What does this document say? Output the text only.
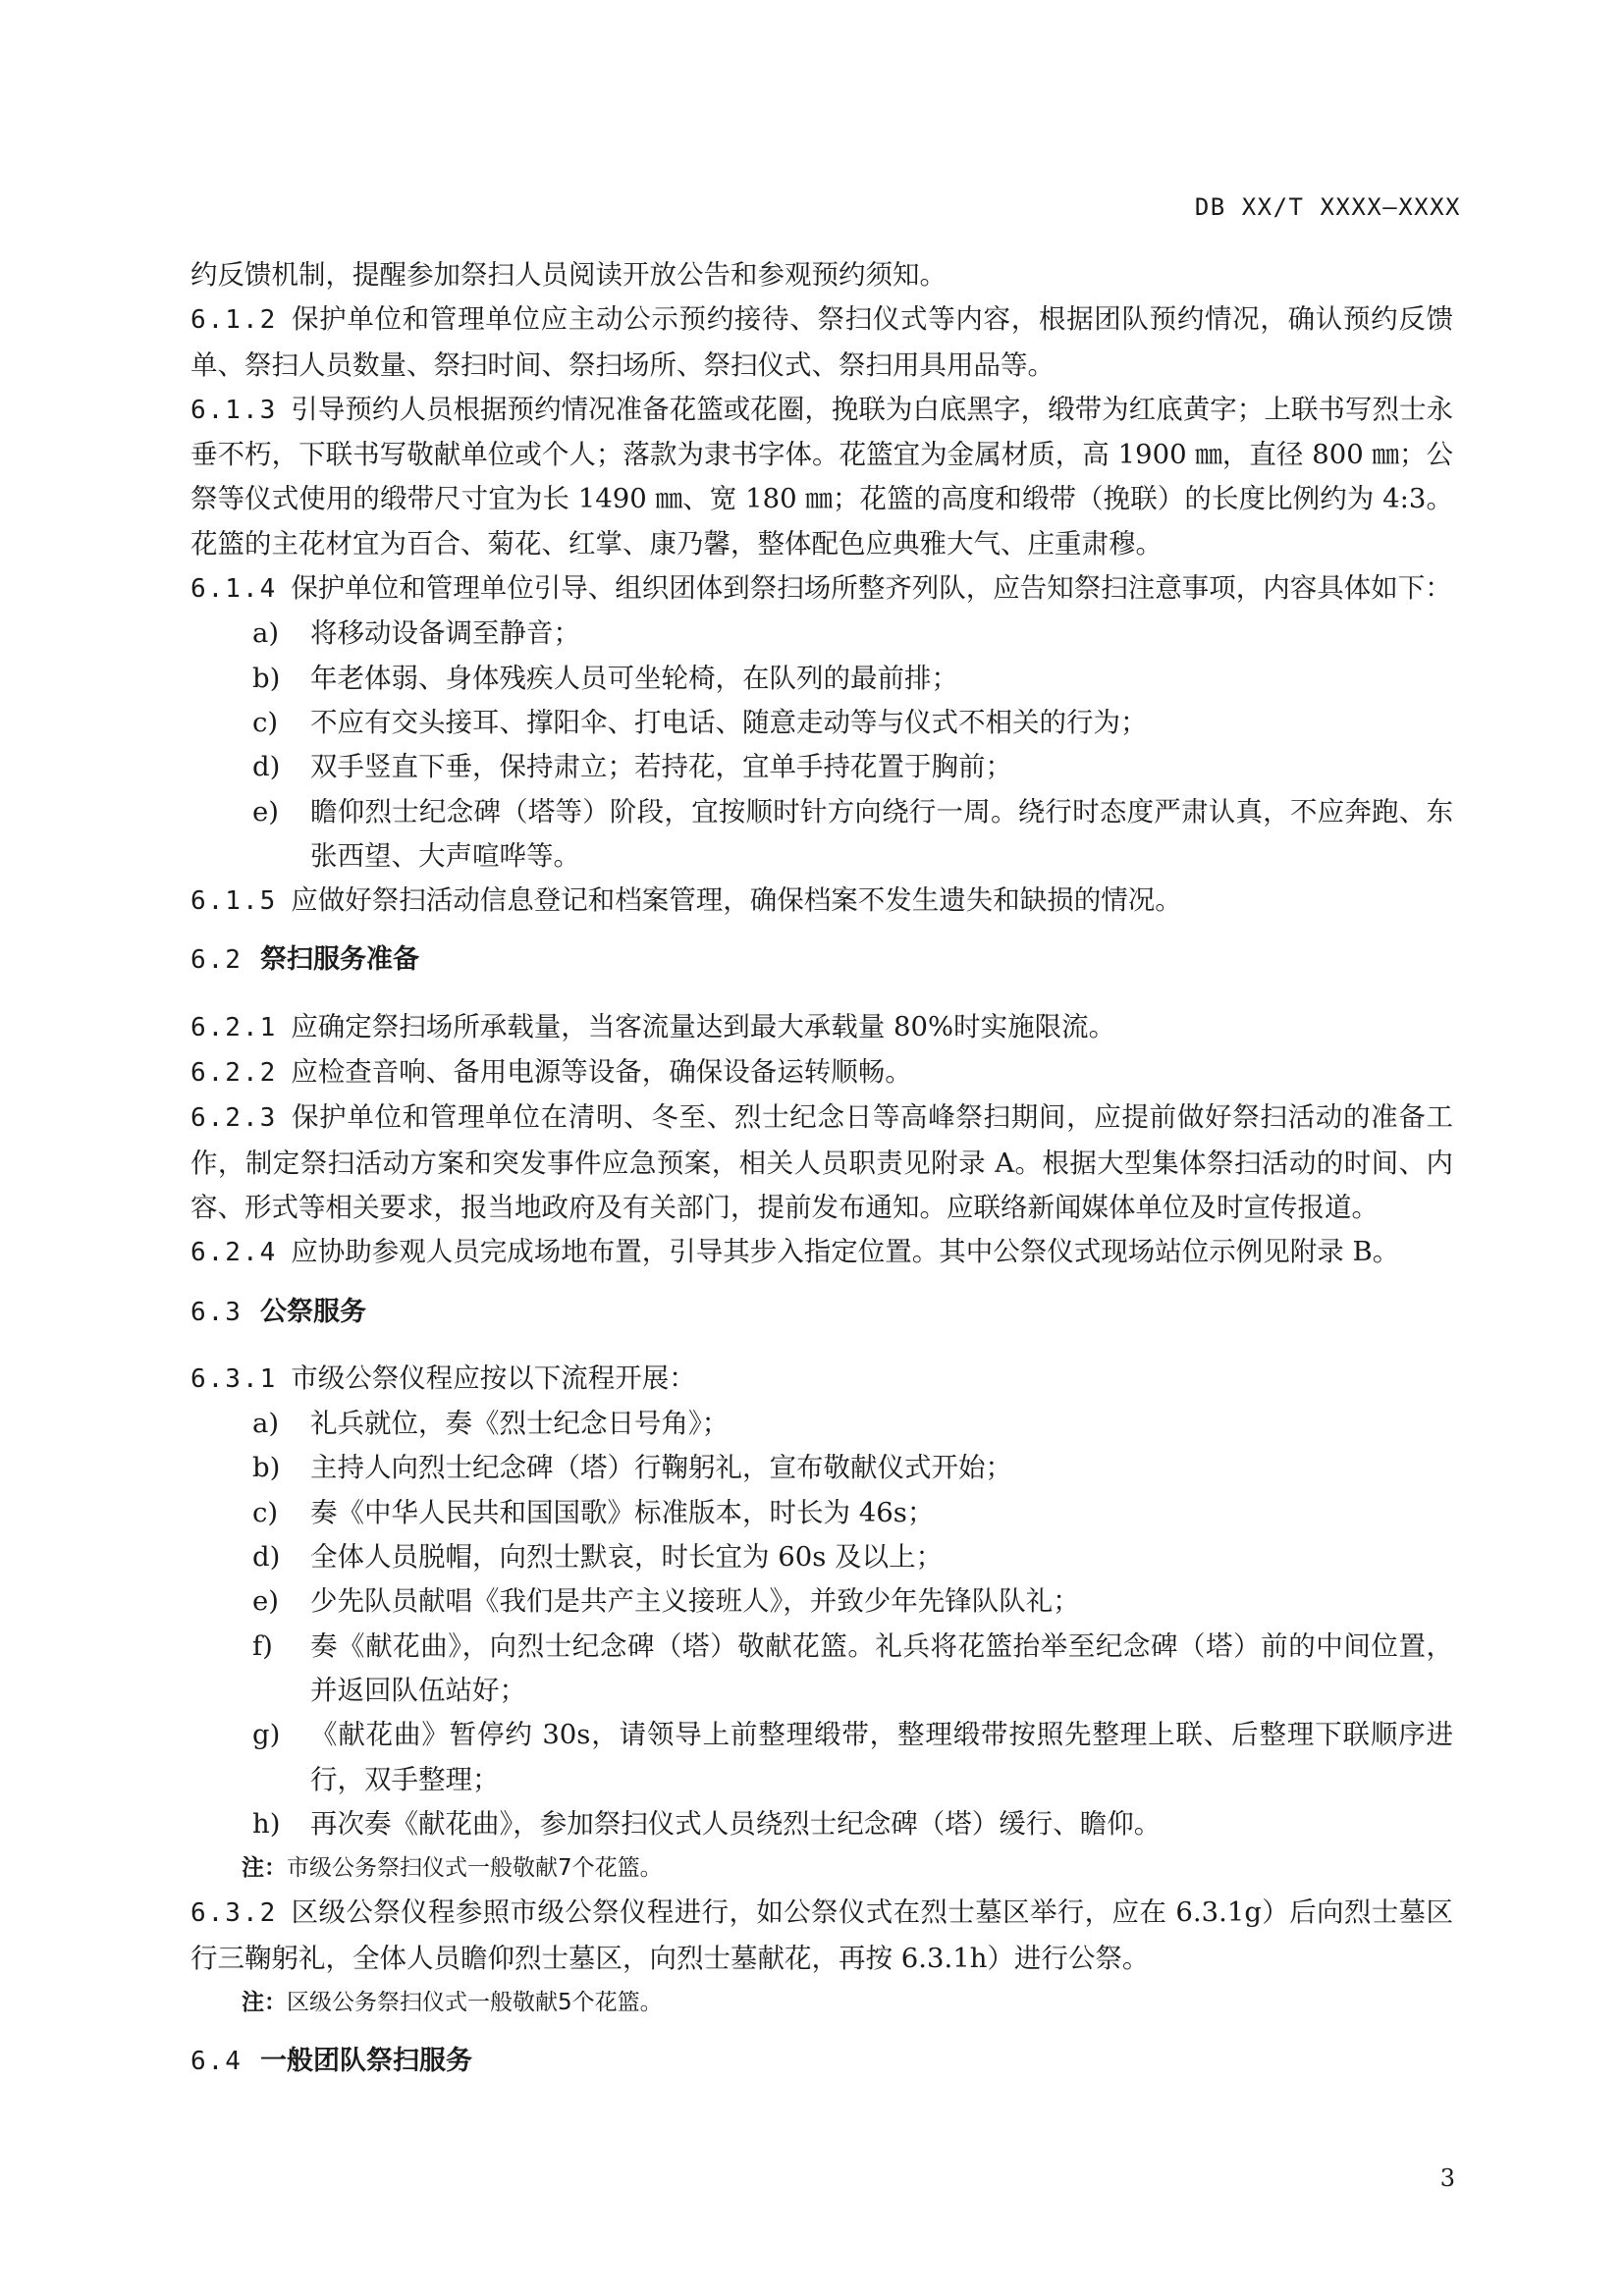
DB XX/T XXXX—XXXX
约反馈机制，提醒参加祭扫人员阅读开放公告和参观预约须知。
6.1.2 保护单位和管理单位应主动公示预约接待、祭扫仪式等内容，根据团队预约情况，确认预约反馈单、祭扫人员数量、祭扫时间、祭扫场所、祭扫仪式、祭扫用具用品等。
6.1.3 引导预约人员根据预约情况准备花篮或花圈，挽联为白底黑字，缎带为红底黄字；上联书写烈士永垂不朽，下联书写敬献单位或个人；落款为隶书字体。花篮宜为金属材质，高 1900 ㎜，直径 800 ㎜；公祭等仪式使用的缎带尺寸宜为长 1490 ㎜、宽 180 ㎜；花篮的高度和缎带（挽联）的长度比例约为 4:3。花篮的主花材宜为百合、菊花、红掌、康乃馨，整体配色应典雅大气、庄重肃穆。
6.1.4 保护单位和管理单位引导、组织团体到祭扫场所整齐列队，应告知祭扫注意事项，内容具体如下：
a) 将移动设备调至静音；
b) 年老体弱、身体残疾人员可坐轮椅，在队列的最前排；
c) 不应有交头接耳、撑阳伞、打电话、随意走动等与仪式不相关的行为；
d) 双手竖直下垂，保持肃立；若持花，宜单手持花置于胸前；
e) 瞻仰烈士纪念碑（塔等）阶段，宜按顺时针方向绕行一周。绕行时态度严肃认真，不应奔跑、东张西望、大声喧哗等。
6.1.5 应做好祭扫活动信息登记和档案管理，确保档案不发生遗失和缺损的情况。
6.2 祭扫服务准备
6.2.1 应确定祭扫场所承载量，当客流量达到最大承载量 80%时实施限流。
6.2.2 应检查音响、备用电源等设备，确保设备运转顺畅。
6.2.3 保护单位和管理单位在清明、冬至、烈士纪念日等高峰祭扫期间，应提前做好祭扫活动的准备工作，制定祭扫活动方案和突发事件应急预案，相关人员职责见附录 A。根据大型集体祭扫活动的时间、内容、形式等相关要求，报当地政府及有关部门，提前发布通知。应联络新闻媒体单位及时宣传报道。
6.2.4 应协助参观人员完成场地布置，引导其步入指定位置。其中公祭仪式现场站位示例见附录 B。
6.3 公祭服务
6.3.1 市级公祭仪程应按以下流程开展：
a) 礼兵就位，奏《烈士纪念日号角》；
b) 主持人向烈士纪念碑（塔）行鞠躬礼，宣布敬献仪式开始；
c) 奏《中华人民共和国国歌》标准版本，时长为 46s；
d) 全体人员脱帽，向烈士默哀，时长宜为 60s 及以上；
e) 少先队员献唱《我们是共产主义接班人》，并致少年先锋队队礼；
f) 奏《献花曲》，向烈士纪念碑（塔）敬献花篮。礼兵将花篮抬举至纪念碑（塔）前的中间位置，并返回队伍站好；
g) 《献花曲》暂停约 30s，请领导上前整理缎带，整理缎带按照先整理上联、后整理下联顺序进行，双手整理；
h) 再次奏《献花曲》，参加祭扫仪式人员绕烈士纪念碑（塔）缓行、瞻仰。
注：市级公务祭扫仪式一般敬献7个花篮。
6.3.2 区级公祭仪程参照市级公祭仪程进行，如公祭仪式在烈士墓区举行，应在 6.3.1g）后向烈士墓区行三鞠躬礼，全体人员瞻仰烈士墓区，向烈士墓献花，再按 6.3.1h）进行公祭。
注：区级公务祭扫仪式一般敬献5个花篮。
6.4 一般团队祭扫服务
3
